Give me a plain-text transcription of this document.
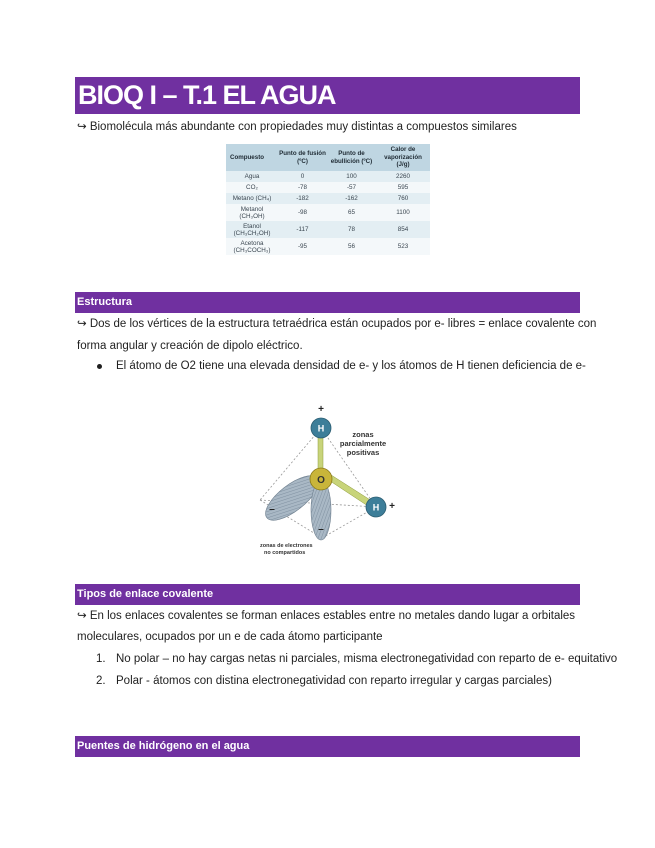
BIOQ I – T.1 EL AGUA
↪ Biomolécula más abundante con propiedades muy distintas a compuestos similares
Compuesto	Punto de fusión (ºC)	Punto de ebullición (ºC)	Calor de vaporización (J/g)
Agua	0	100	2260
CO₂	-78	-57	595
Metano (CH₄)	-182	-162	760

Metanol
(CH₃OH)	-98	65	1100

Etanol
(CH₃CH₂OH)	-117	78	854

Acetona
(CH₃COCH₃)	-95	56	523
Estructura
↪ Dos de los vértices de la estructura tetraédrica están ocupados por e- libres = enlace covalente con
forma angular y creación de dipolo eléctrico.
El átomo de O2 tiene una elevada densidad de e- y los átomos de H tienen deficiencia de e-
H
O
H
+
+
–
–
zonas
parcialmente
positivas
zonas de electrones
no compartidos
Tipos de enlace covalente
↪ En los enlaces covalentes se forman enlaces estables entre no metales dando lugar a orbitales
moleculares, ocupados por un e de cada átomo participante
1. No polar – no hay cargas netas ni parciales, misma electronegatividad con reparto de e- equitativo
2. Polar - átomos con distina electronegatividad con reparto irregular y cargas parciales)
Puentes de hidrógeno en el agua
